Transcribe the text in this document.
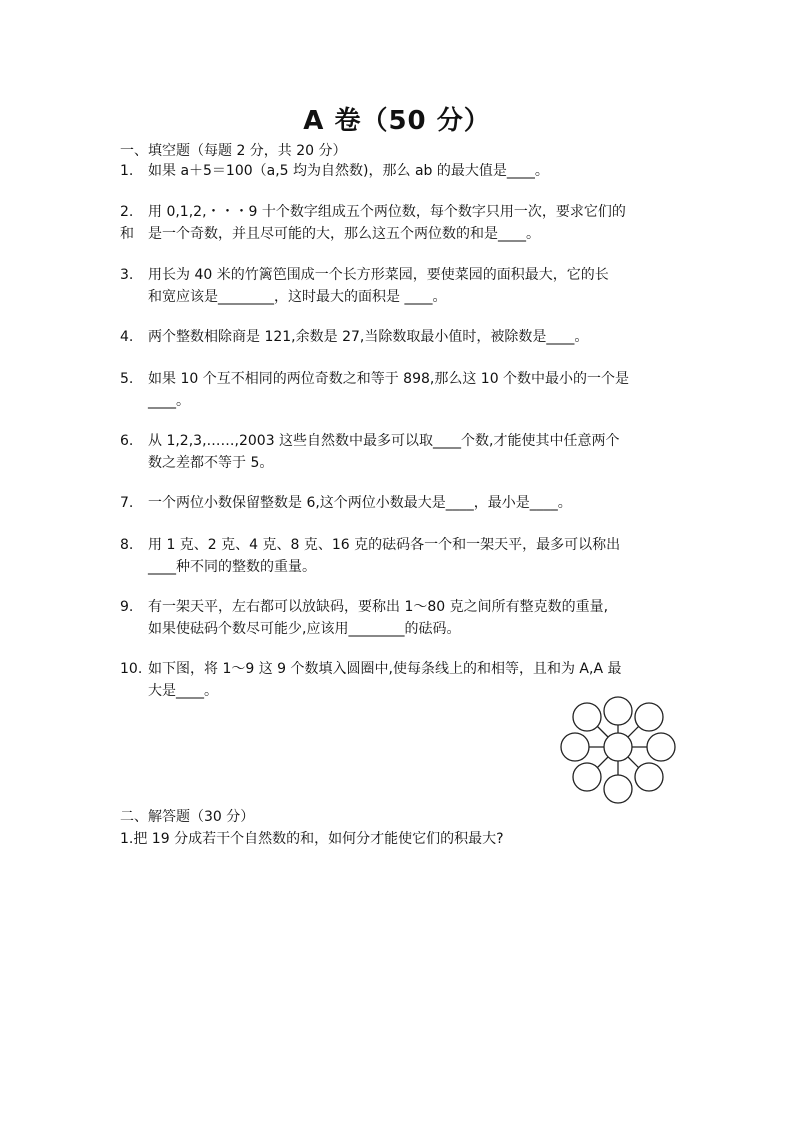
A 卷（50 分）
一、填空题（每题 2 分，共 20 分）
1.	如果 a＋5＝100（a,5 均为自然数)，那么 ab 的最大值是____。
2.	用 0,1,2,・・・9 十个数字组成五个两位数，每个数字只用一次，要求它们的
和 是一个奇数，并且尽可能的大，那么这五个两位数的和是____。
3.	用长为 40 米的竹篱笆围成一个长方形菜园，要使菜园的面积最大，它的长
和宽应该是________，这时最大的面积是 ____。
4.	两个整数相除商是 121,余数是 27,当除数取最小值时，被除数是____。
5.	如果 10 个互不相同的两位奇数之和等于 898,那么这 10 个数中最小的一个是
____。
6.	从 1,2,3,……,2003 这些自然数中最多可以取____个数,才能使其中任意两个
数之差都不等于 5。
7.	一个两位小数保留整数是 6,这个两位小数最大是____，最小是____。
8.	用 1 克、2 克、4 克、8 克、16 克的砝码各一个和一架天平，最多可以称出
____种不同的整数的重量。
9.	有一架天平，左右都可以放缺码，要称出 1～80 克之间所有整克数的重量,
如果使砝码个数尽可能少,应该用________的砝码。
10. 如下图，将 1～9 这 9 个数填入圆圈中,使每条线上的和相等，且和为 A,A 最
大是____。
二、解答题（30 分）
1.把 19 分成若干个自然数的和，如何分才能使它们的积最大?
